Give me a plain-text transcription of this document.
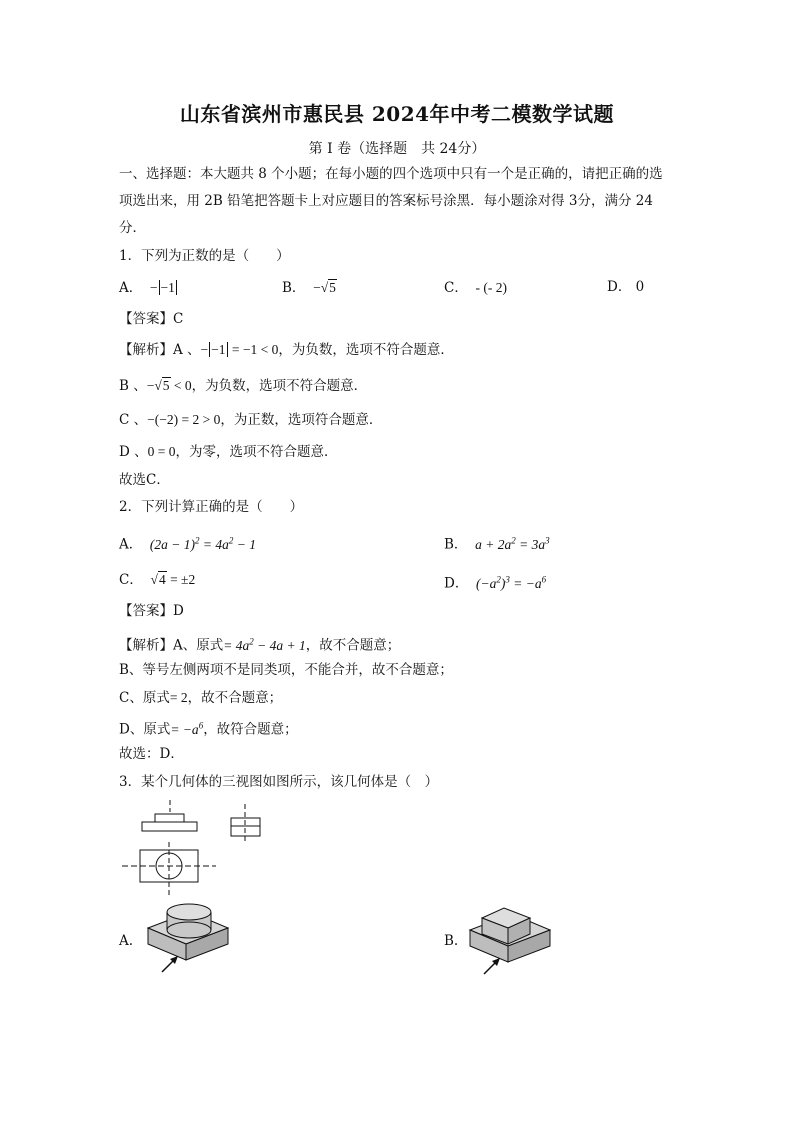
山东省滨州市惠民县 2024年中考二模数学试题
第 I 卷（选择题　共 24分）
一、选择题：本大题共 8 个小题；在每小题的四个选项中只有一个是正确的，请把正确的选
项选出来，用 2B 铅笔把答题卡上对应题目的答案标号涂黑．每小题涂对得 3分，满分 24
分．
1．下列为正数的是（　　）
A．  − −1	B．  −√5	C．  - (- 2)	D． 0
【答案】C
【解析】A 、− −1 = −1 < 0，为负数，选项不符合题意．
B 、−√5 < 0，为负数，选项不符合题意．
C 、−(−2) = 2 > 0，为正数，选项符合题意．
D 、0 = 0，为零，选项不符合题意．
故选C．
2．下列计算正确的是（　　）
A．  $(2a - 1)^2 = 4a^2 - 1$	B．  $a + 2a^2 = 3a^3$
C．  √4 = ±2	D．  $(-a^2)^3 = -a^6$
【答案】D
【解析】A、原式= $4a^2 - 4a + 1$，故不合题意；
B、等号左侧两项不是同类项，不能合并，故不合题意；
C、原式= 2，故不合题意；
D、原式= $-a^6$，故符合题意；
故选：D．
3．某个几何体的三视图如图所示，该几何体是（　）
A.	B.
